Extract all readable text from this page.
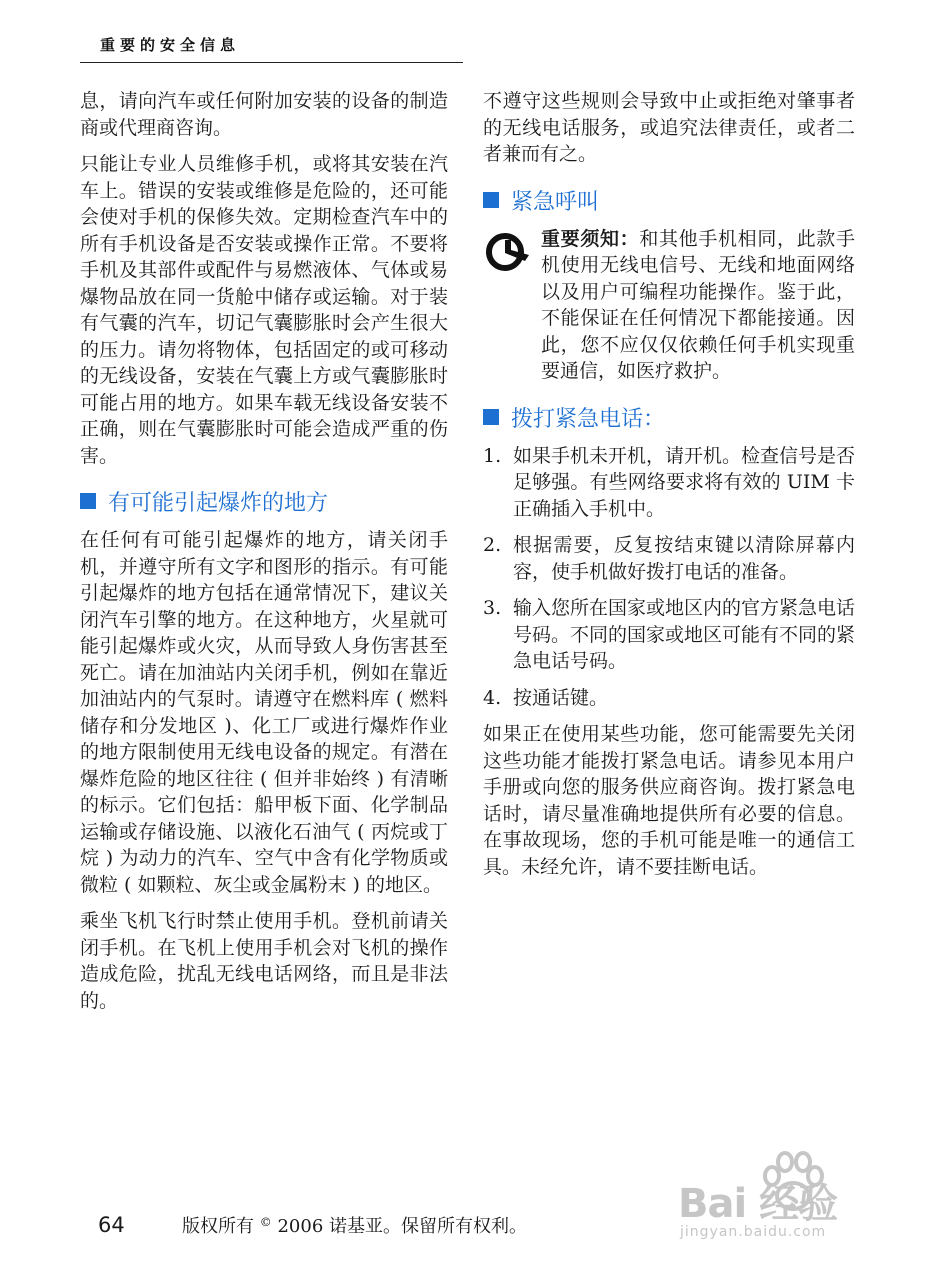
重要的安全信息

息，请向汽车或任何附加安装的设备的制造商或代理商咨询。

只能让专业人员维修手机，或将其安装在汽车上。错误的安装或维修是危险的，还可能会使对手机的保修失效。定期检查汽车中的所有手机设备是否安装或操作正常。不要将手机及其部件或配件与易燃液体、气体或易爆物品放在同一货舱中储存或运输。对于装有气囊的汽车，切记气囊膨胀时会产生很大的压力。请勿将物体，包括固定的或可移动的无线设备，安装在气囊上方或气囊膨胀时可能占用的地方。如果车载无线设备安装不正确，则在气囊膨胀时可能会造成严重的伤害。

有可能引起爆炸的地方

在任何有可能引起爆炸的地方，请关闭手机，并遵守所有文字和图形的指示。有可能引起爆炸的地方包括在通常情况下，建议关闭汽车引擎的地方。在这种地方，火星就可能引起爆炸或火灾，从而导致人身伤害甚至死亡。请在加油站内关闭手机，例如在靠近加油站内的气泵时。请遵守在燃料库 ( 燃料储存和分发地区 )、化工厂或进行爆炸作业的地方限制使用无线电设备的规定。有潜在爆炸危险的地区往往 ( 但并非始终 ) 有清晰的标示。它们包括：船甲板下面、化学制品运输或存储设施、以液化石油气 ( 丙烷或丁烷 ) 为动力的汽车、空气中含有化学物质或微粒 ( 如颗粒、灰尘或金属粉末 ) 的地区。

乘坐飞机飞行时禁止使用手机。登机前请关闭手机。在飞机上使用手机会对飞机的操作造成危险，扰乱无线电话网络，而且是非法的。

不遵守这些规则会导致中止或拒绝对肇事者的无线电话服务，或追究法律责任，或者二者兼而有之。

紧急呼叫

重要须知：和其他手机相同，此款手机使用无线电信号、无线和地面网络以及用户可编程功能操作。鉴于此，不能保证在任何情况下都能接通。因此，您不应仅仅依赖任何手机实现重要通信，如医疗救护。

拨打紧急电话：
1. 如果手机未开机，请开机。检查信号是否足够强。有些网络要求将有效的 UIM 卡正确插入手机中。
2. 根据需要，反复按结束键以清除屏幕内容，使手机做好拨打电话的准备。
3. 输入您所在国家或地区内的官方紧急电话号码。不同的国家或地区可能有不同的紧急电话号码。
4. 按通话键。

如果正在使用某些功能，您可能需要先关闭这些功能才能拨打紧急电话。请参见本用户手册或向您的服务供应商咨询。拨打紧急电话时，请尽量准确地提供所有必要的信息。在事故现场，您的手机可能是唯一的通信工具。未经允许，请不要挂断电话。

64	版权所有 © 2006 诺基亚。保留所有权利。	Bai 经验
jingyan.baidu.com
